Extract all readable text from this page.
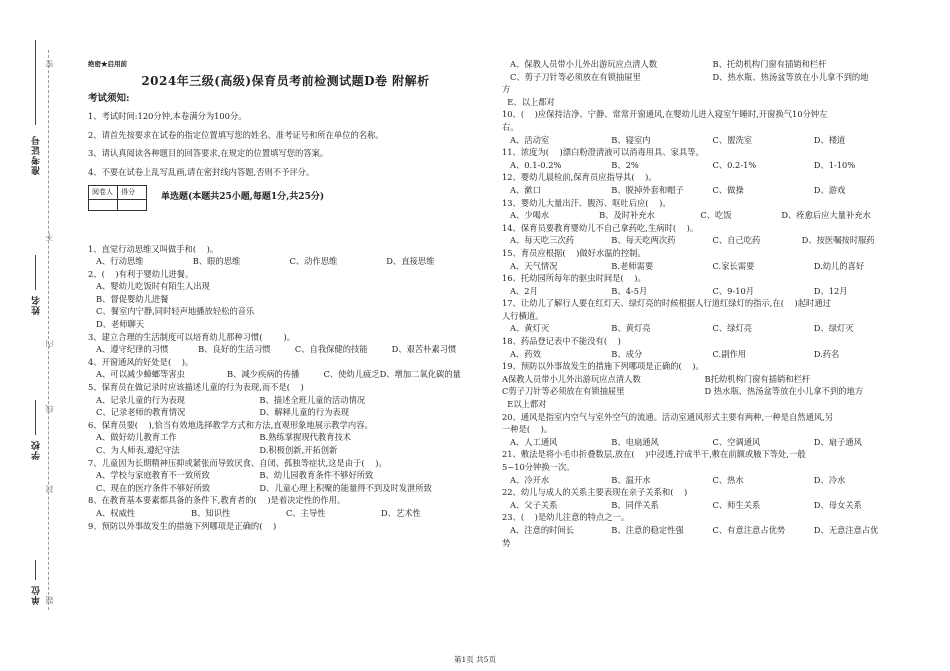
准考证号
姓名
学校
单位
密
不
内
线
封
题
绝密★启用前
2024年三级(高级)保育员考前检测试题D卷 附解析
考试须知:
1、考试时间:120分钟,本卷满分为100分。
2、请首先按要求在试卷的指定位置填写您的姓名、准考证号和所在单位的名称。
3、请认真阅读各种题目的回答要求,在规定的位置填写您的答案。
4、不要在试卷上乱写乱画,请在密封线内答题,否则不予评分。
阅卷人	得分

单选题(本题共25小题,每题1分,共25分)
1、直觉行动思维又叫做手和(    )。
A、行动思维	B、眼的思维	C、动作思维	D、直接思维
2、(    )有利于婴幼儿进餐。
A、婴幼儿吃饭时有陌生人出现
B、督促婴幼儿进餐
C、餐室内宁静,同时轻声地播放轻松的音乐
D、老师聊天
3、建立合理的生活制度可以培育幼儿那种习惯(        )。
A、遵守纪律的习惯	B、良好的生活习惯	C、自我保健的技能	D、艰苦朴素习惯
4、开窗通风的好处是(    )。
A、可以减少蟑螂等害虫	B、减少疾病的传播	C、使幼儿疲乏 D、增加二氧化碳的量
5、保育员在做记录时应该描述儿童的行为表现,而不是(    )
A、记录儿童的行为表现	B、描述全班儿童的活动情况
C、记录老师的教育情况	D、解释儿童的行为表现
6、保育员要(    ),恰当有效地选择教学方式和方法,直观形象地展示教学内容。
A、做好幼儿教育工作	B.熟练掌握现代教育技术
C、为人师表,遵纪守法	D.积极创新,开拓创新
7、儿童因为长期精神压抑或紧张而导致厌食、自闭、孤独等症状,这是由于(    )。
A、学校与家庭教育不一致所致	B、幼儿园教育条件不够好所致
C、现在的医疗条件不够好所致	D、儿童心理上积聚的能量得不到及时发泄所致
8、在教育基本要素都具备的条件下,教育者的(    )是着决定性的作用。
A、权威性	B、知识性	C、主导性	D、艺术性
9、预防以外事故发生的措施下列哪项是正确的(    )
A、保教人员带小儿外出游玩应点清人数	B、托幼机构门窗有插销和栏杆
C、剪子刀针等必须放在有锁抽屉里	D、热水瓶、热汤盆等放在小儿拿不到的地
方
E、以上都对
10、(    )应保持洁净、宁静、常常开窗通风,在婴幼儿进入寝室午睡时,开窗换气10分钟左
右。
A、活动室	B、寝室内	C、盥洗室	D、楼道
11、浓度为(    )漂白粉澄清液可以消毒用具、家具等。
A、0.1-0.2%	B、2%	C、0.2-1%	D、1-10%
12、婴幼儿晨检前,保育员应指导其(    )。
A、漱口	B、脱掉外套和帽子	C、做操	D、游戏
13、婴幼儿大量出汗、腹泻、呕吐后应(    )。
A、少喝水	B、及时补充水	C、吃饭	D、痊愈后应大量补充水
14、保育员要教育婴幼儿不自己拿药吃,生病时(    )。
A、每天吃三次药	B、每天吃两次药	C、自己吃药	D、按医嘱按时服药
15、育员应根据(    )做好水温的控制。
A、天气情况	B.老师需要	C.家长需要	D.幼儿的喜好
16、托幼园所每年的驱虫时间是(    )。
A、2月	B、4-5月	C、9-10月	D、12月
17、让幼儿了解行人要在红灯天、绿灯亮的时候根据人行道红绿灯的指示,在(    )起时通过
人行横道。
A、黄灯灭	B、黄灯亮	C、绿灯亮	D、绿灯灭
18、药品登记表中不能没有(    )
A、药效	B、成分	C.副作用	D.药名
19、预防以外事故发生的措施下列哪项是正确的(    )。
A保教人员带小儿外出游玩应点清人数	B托幼机构门窗有插销和栏杆
C剪子刀针等必须放在有锁抽屉里	D 热水瓶、热汤盆等放在小儿拿不到的地方
E以上都对
20、通风是指室内空气与室外空气的流通。活动室通风形式主要有两种,一种是自然通风,另
一种是(    )。
A、人工通风	B、电扇通风	C、空调通风	D、扇子通风
21、敷法是将小毛巾折叠数层,放在(    )中浸透,拧成半干,敷在前额或腋下等处,一般
5~10分钟换一次。
A、冷开水	B、温开水	C、热水	D、冷水
22、幼儿与成人的关系主要表现在亲子关系和(    )
A、父子关系	B、同伴关系	C、师生关系	D、母女关系
23、(    )是幼儿注意的特点之一。
A、注意的时间长	B、注意的稳定性强	C、有意注意占优势	D、无意注意占优
势
第1页 共5页
